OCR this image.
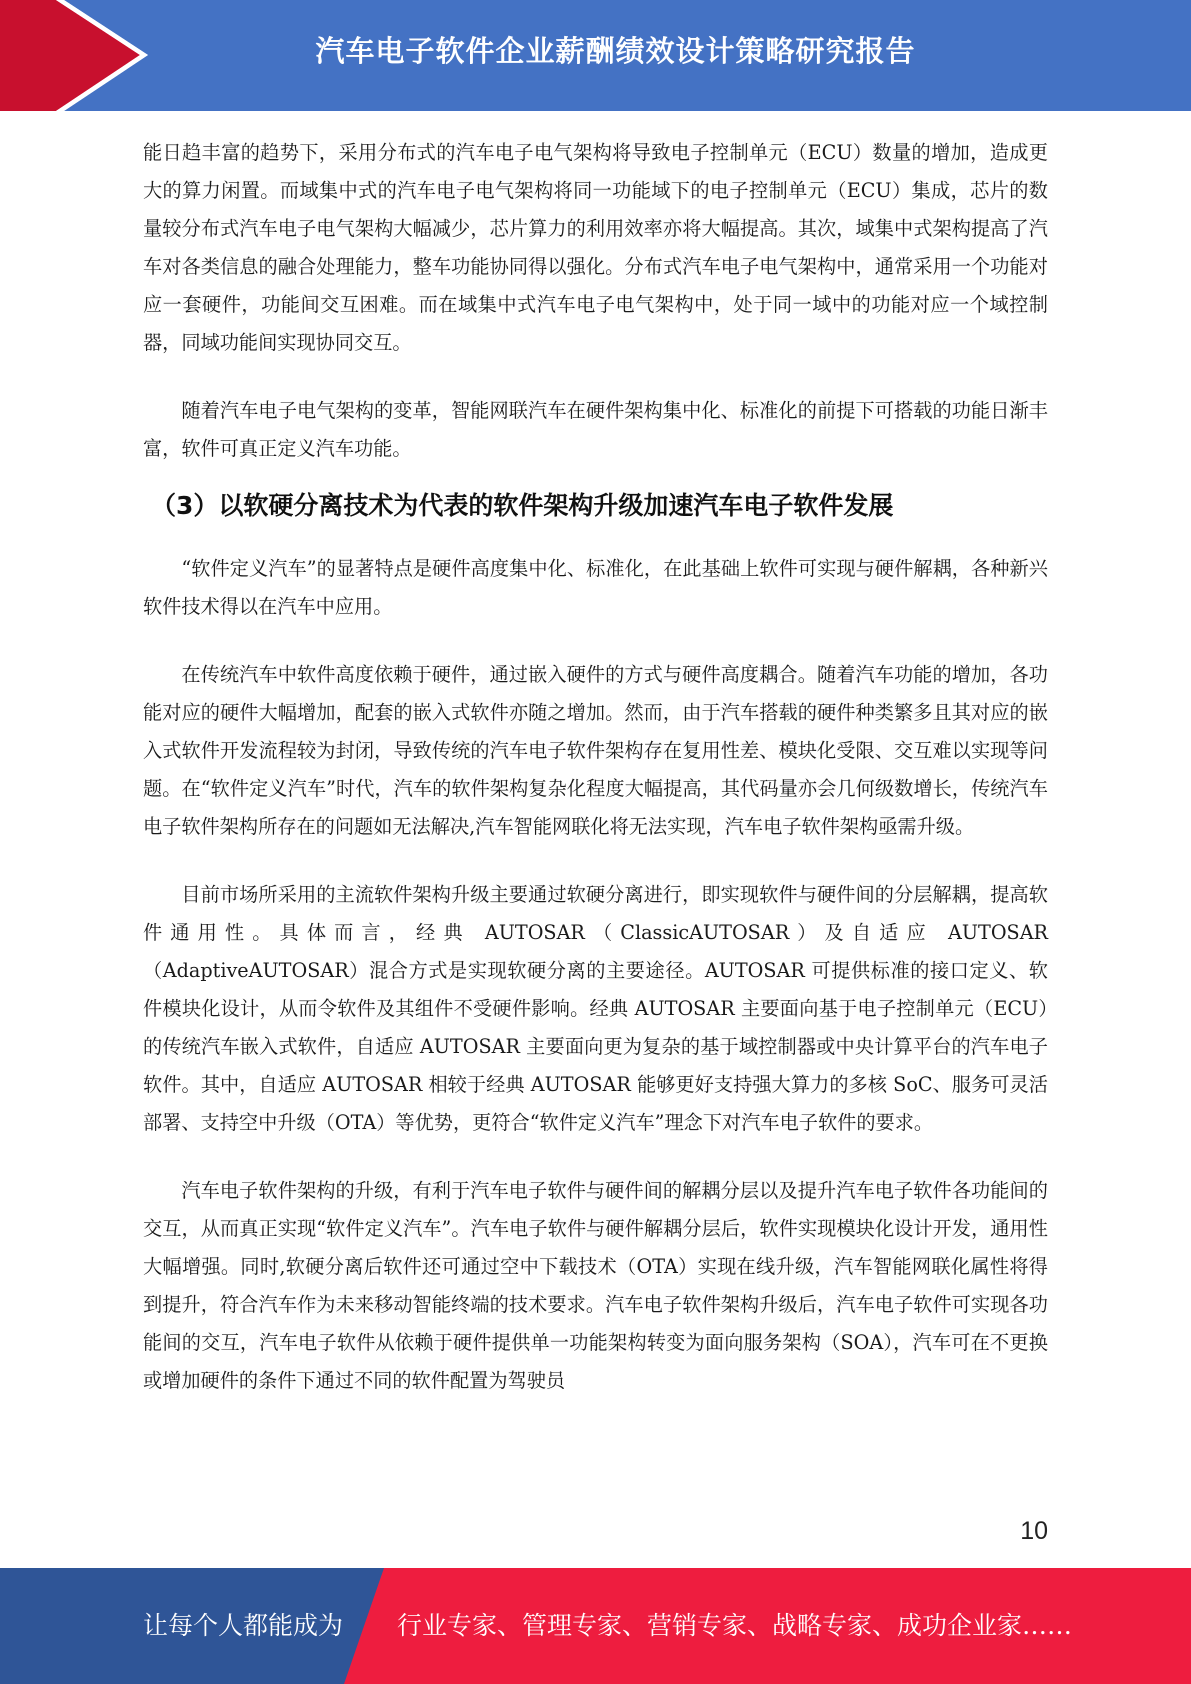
汽车电子软件企业薪酬绩效设计策略研究报告

能日趋丰富的趋势下，采用分布式的汽车电子电气架构将导致电子控制单元（ECU）数量的增加，造成更大的算力闲置。而域集中式的汽车电子电气架构将同一功能域下的电子控制单元（ECU）集成，芯片的数量较分布式汽车电子电气架构大幅减少，芯片算力的利用效率亦将大幅提高。其次，域集中式架构提高了汽车对各类信息的融合处理能力，整车功能协同得以强化。分布式汽车电子电气架构中，通常采用一个功能对应一套硬件，功能间交互困难。而在域集中式汽车电子电气架构中，处于同一域中的功能对应一个域控制器，同域功能间实现协同交互。

随着汽车电子电气架构的变革，智能网联汽车在硬件架构集中化、标准化的前提下可搭载的功能日渐丰富，软件可真正定义汽车功能。

（3）以软硬分离技术为代表的软件架构升级加速汽车电子软件发展

“软件定义汽车”的显著特点是硬件高度集中化、标准化，在此基础上软件可实现与硬件解耦，各种新兴软件技术得以在汽车中应用。

在传统汽车中软件高度依赖于硬件，通过嵌入硬件的方式与硬件高度耦合。随着汽车功能的增加，各功能对应的硬件大幅增加，配套的嵌入式软件亦随之增加。然而，由于汽车搭载的硬件种类繁多且其对应的嵌入式软件开发流程较为封闭，导致传统的汽车电子软件架构存在复用性差、模块化受限、交互难以实现等问题。在“软件定义汽车”时代，汽车的软件架构复杂化程度大幅提高，其代码量亦会几何级数增长，传统汽车电子软件架构所存在的问题如无法解决,汽车智能网联化将无法实现，汽车电子软件架构亟需升级。

目前市场所采用的主流软件架构升级主要通过软硬分离进行，即实现软件与硬件间的分层解耦，提高软件通用性。具体而言，经典 AUTOSAR（ClassicAUTOSAR）及自适应 AUTOSAR（AdaptiveAUTOSAR）混合方式是实现软硬分离的主要途径。AUTOSAR 可提供标准的接口定义、软件模块化设计，从而令软件及其组件不受硬件影响。经典 AUTOSAR 主要面向基于电子控制单元（ECU）的传统汽车嵌入式软件，自适应 AUTOSAR 主要面向更为复杂的基于域控制器或中央计算平台的汽车电子软件。其中，自适应 AUTOSAR 相较于经典 AUTOSAR 能够更好支持强大算力的多核 SoC、服务可灵活部署、支持空中升级（OTA）等优势，更符合“软件定义汽车”理念下对汽车电子软件的要求。

汽车电子软件架构的升级，有利于汽车电子软件与硬件间的解耦分层以及提升汽车电子软件各功能间的交互，从而真正实现“软件定义汽车”。汽车电子软件与硬件解耦分层后，软件实现模块化设计开发，通用性大幅增强。同时,软硬分离后软件还可通过空中下载技术（OTA）实现在线升级，汽车智能网联化属性将得到提升，符合汽车作为未来移动智能终端的技术要求。汽车电子软件架构升级后，汽车电子软件可实现各功能间的交互，汽车电子软件从依赖于硬件提供单一功能架构转变为面向服务架构（SOA），汽车可在不更换或增加硬件的条件下通过不同的软件配置为驾驶员

10
让每个人都能成为 行业专家、管理专家、营销专家、战略专家、成功企业家……
